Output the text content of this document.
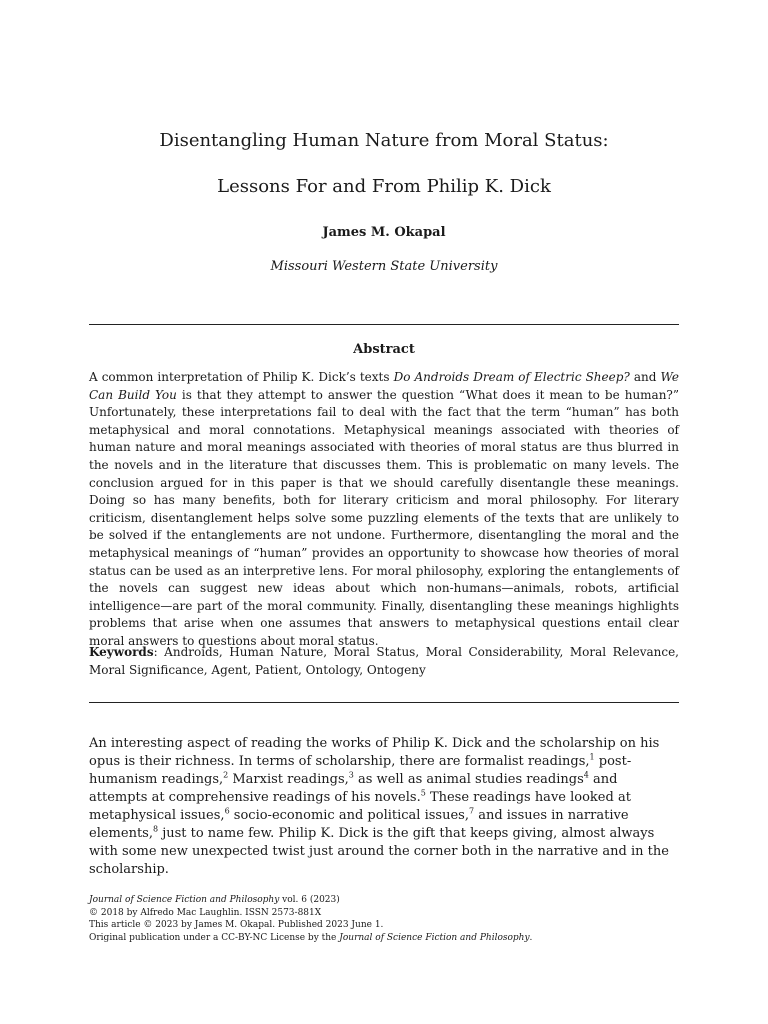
Disentangling Human Nature from Moral Status:
Lessons For and From Philip K. Dick
James M. Okapal
Missouri Western State University
Abstract
A common interpretation of Philip K. Dick’s texts Do Androids Dream of Electric Sheep? and We Can Build You is that they attempt to answer the question “What does it mean to be human?” Unfortunately, these interpretations fail to deal with the fact that the term “human” has both metaphysical and moral connotations. Metaphysical meanings associated with theories of human nature and moral meanings associated with theories of moral status are thus blurred in the novels and in the literature that discusses them. This is problematic on many levels. The conclusion argued for in this paper is that we should carefully disentangle these meanings. Doing so has many benefits, both for literary criticism and moral philosophy. For literary criticism, disentanglement helps solve some puzzling elements of the texts that are unlikely to be solved if the entanglements are not undone. Furthermore, disentangling the moral and the metaphysical meanings of “human” provides an opportunity to showcase how theories of moral status can be used as an interpretive lens. For moral philosophy, exploring the entanglements of the novels can suggest new ideas about which non-humans—animals, robots, artificial intelligence—are part of the moral community. Finally, disentangling these meanings highlights problems that arise when one assumes that answers to metaphysical questions entail clear moral answers to questions about moral status.
Keywords: Androids, Human Nature, Moral Status, Moral Considerability, Moral Relevance, Moral Significance, Agent, Patient, Ontology, Ontogeny
An interesting aspect of reading the works of Philip K. Dick and the scholarship on his opus is their richness. In terms of scholarship, there are formalist readings,$^1$ post-humanism readings,$^2$ Marxist readings,$^3$ as well as animal studies readings$^4$ and attempts at comprehensive readings of his novels.$^5$ These readings have looked at metaphysical issues,$^6$ socio-economic and political issues,$^7$ and issues in narrative elements,$^8$ just to name few. Philip K. Dick is the gift that keeps giving, almost always with some new unexpected twist just around the corner both in the narrative and in the scholarship.
Journal of Science Fiction and Philosophy vol. 6 (2023)
© 2018 by Alfredo Mac Laughlin. ISSN 2573-881X
This article © 2023 by James M. Okapal. Published 2023 June 1.
Original publication under a CC-BY-NC License by the Journal of Science Fiction and Philosophy.
